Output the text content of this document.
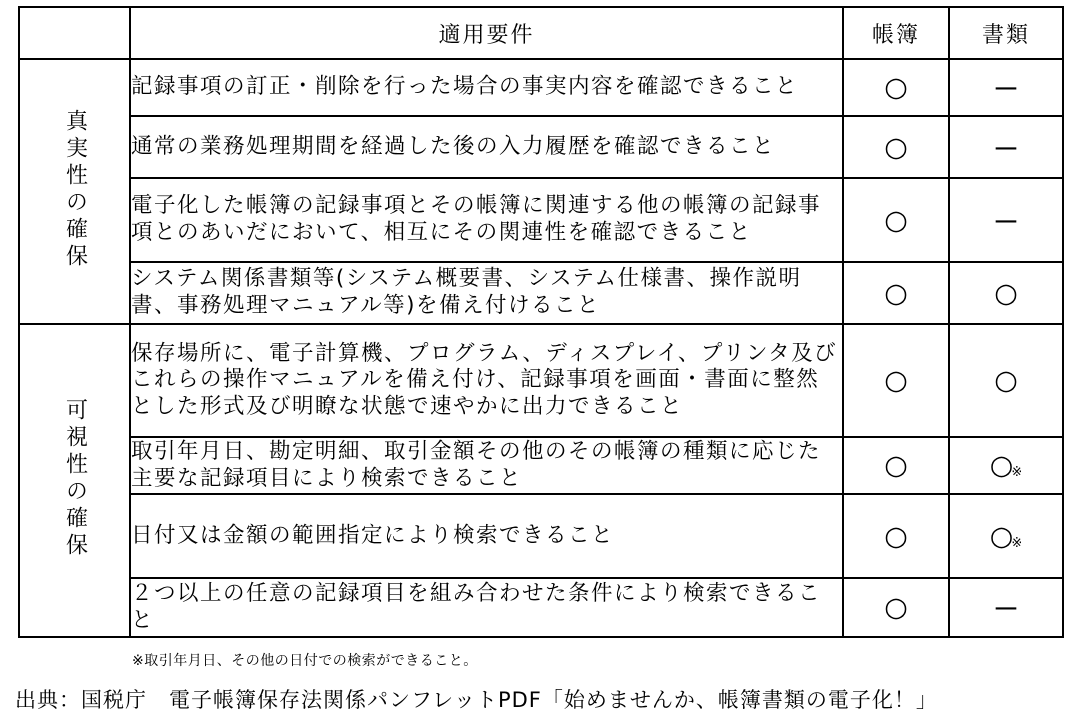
	適用要件	帳簿	書類
真実性の確保	記録事項の訂正・削除を行った場合の事実内容を確認できること	○	－
	通常の業務処理期間を経過した後の入力履歴を確認できること	○	－
	電子化した帳簿の記録事項とその帳簿に関連する他の帳簿の記録事項とのあいだにおいて、相互にその関連性を確認できること	○	－
	システム関係書類等(システム概要書、システム仕様書、操作説明書、事務処理マニュアル等)を備え付けること	○	○
可視性の確保	保存場所に、電子計算機、プログラム、ディスプレイ、プリンタ及びこれらの操作マニュアルを備え付け、記録事項を画面・書面に整然とした形式及び明瞭な状態で速やかに出力できること	○	○
	取引年月日、勘定明細、取引金額その他のその帳簿の種類に応じた主要な記録項目により検索できること	○	○※
	日付又は金額の範囲指定により検索できること	○	○※
	２つ以上の任意の記録項目を組み合わせた条件により検索できること	○	－
※取引年月日、その他の日付での検索ができること。
出典：国税庁　電子帳簿保存法関係パンフレットPDF「始めませんか、帳簿書類の電子化！」
